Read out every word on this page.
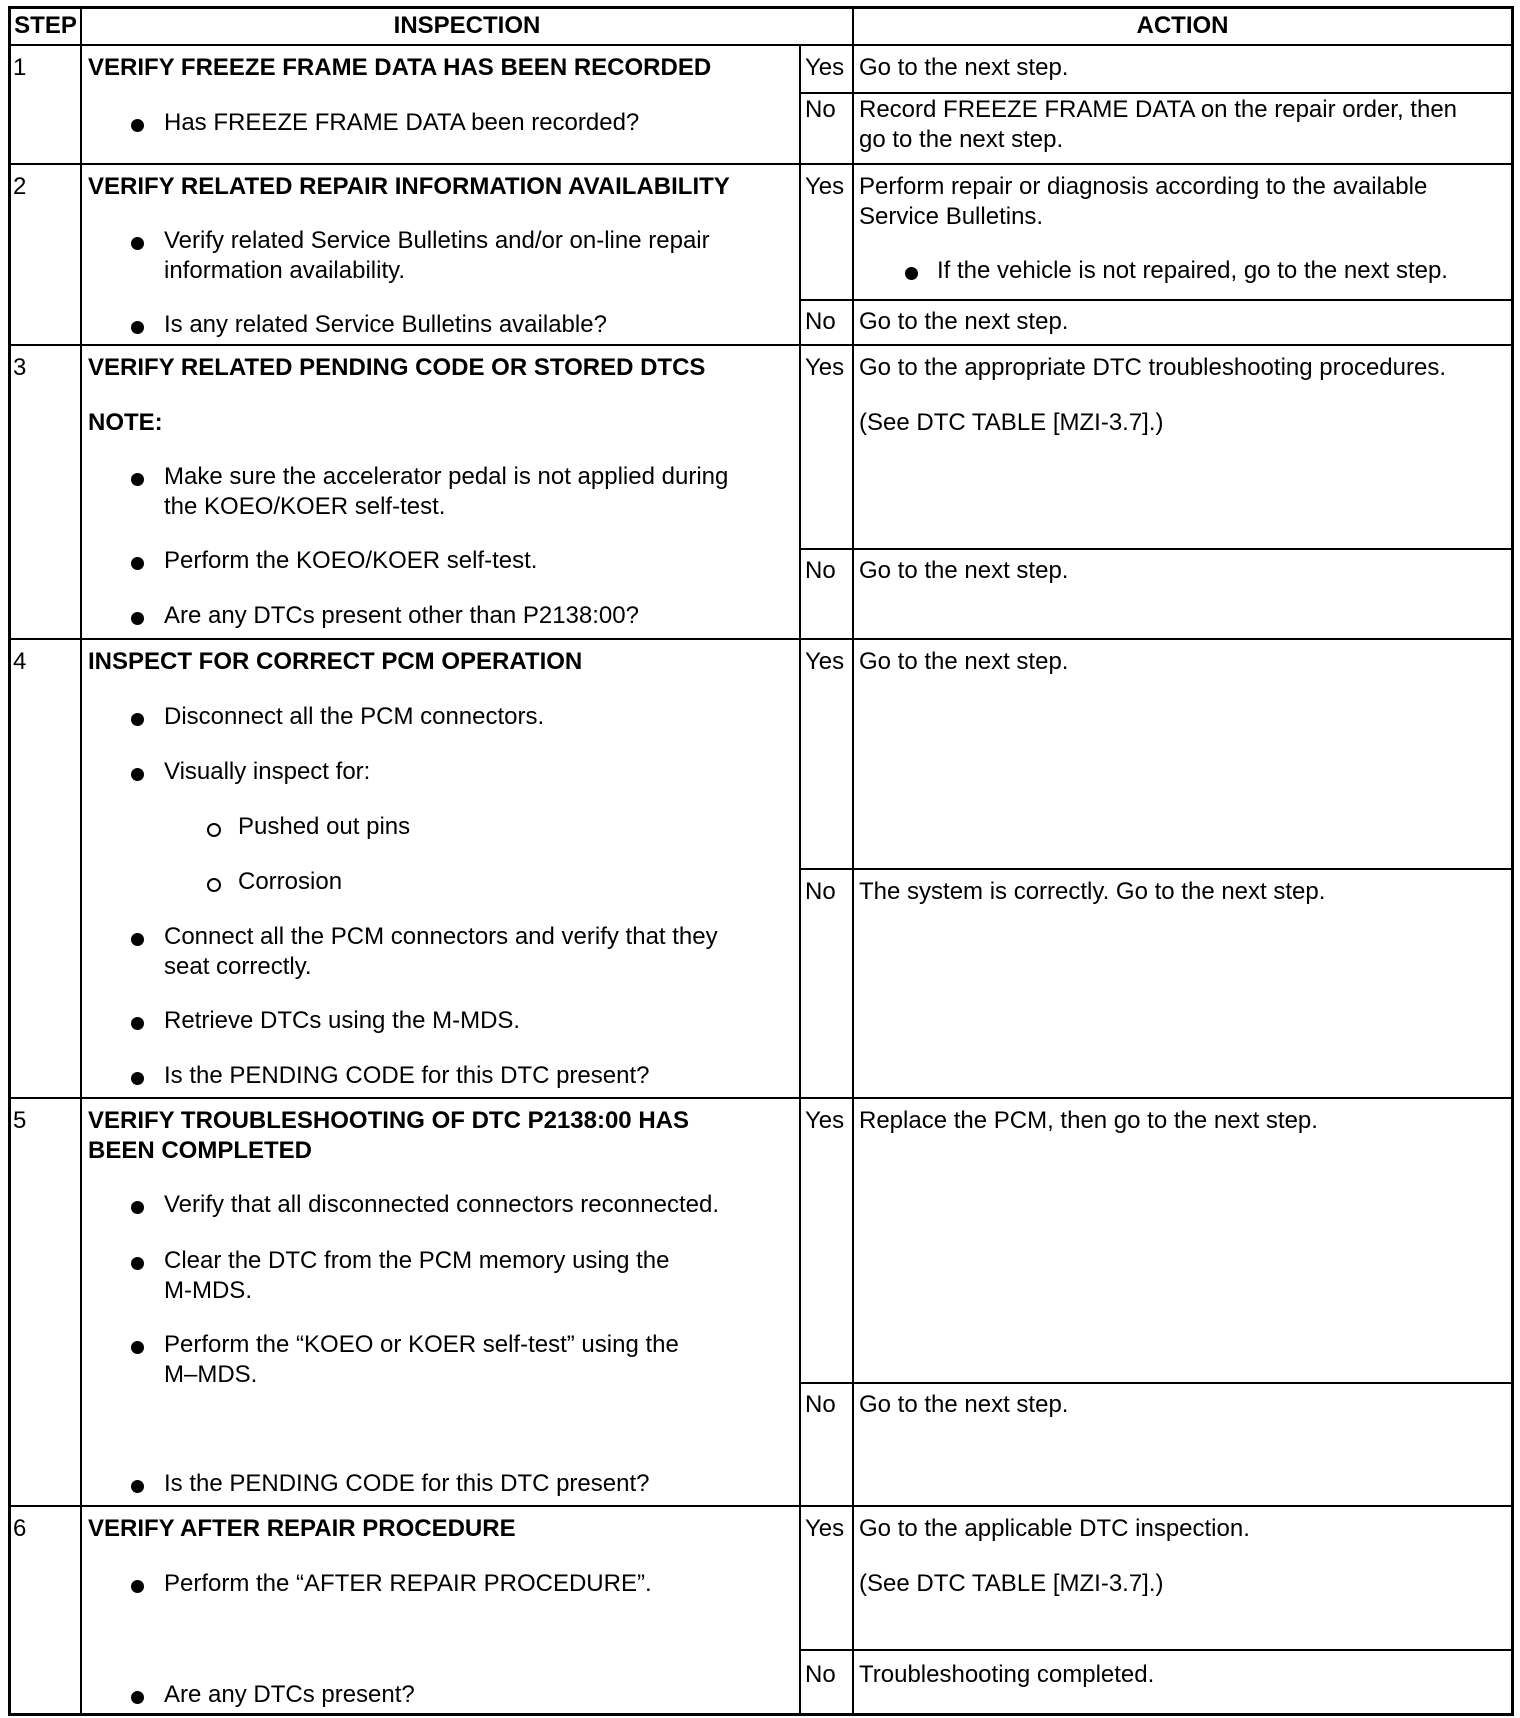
STEP	INSPECTION	ACTION
1	VERIFY FREEZE FRAME DATA HAS BEEN RECORDED
Has FREEZE FRAME DATA been recorded?
Yes Go to the next step.
No Record FREEZE FRAME DATA on the repair order, then
go to the next step.
2	VERIFY RELATED REPAIR INFORMATION AVAILABILITY
Verify related Service Bulletins and/or on-line repair
information availability.
Is any related Service Bulletins available?
Yes Perform repair or diagnosis according to the available
Service Bulletins.
If the vehicle is not repaired, go to the next step.
No Go to the next step.
3	VERIFY RELATED PENDING CODE OR STORED DTCS
NOTE:
Make sure the accelerator pedal is not applied during
the KOEO/KOER self-test.
Perform the KOEO/KOER self-test.
Are any DTCs present other than P2138:00?
Yes Go to the appropriate DTC troubleshooting procedures.
(See DTC TABLE [MZI-3.7].)
No Go to the next step.
4	INSPECT FOR CORRECT PCM OPERATION
Disconnect all the PCM connectors.
Visually inspect for:
Pushed out pins
Corrosion
Connect all the PCM connectors and verify that they
seat correctly.
Retrieve DTCs using the M-MDS.
Is the PENDING CODE for this DTC present?
Yes Go to the next step.
No The system is correctly. Go to the next step.
5	VERIFY TROUBLESHOOTING OF DTC P2138:00 HAS
BEEN COMPLETED
Verify that all disconnected connectors reconnected.
Clear the DTC from the PCM memory using the
M-MDS.
Perform the “KOEO or KOER self-test” using the
M–MDS.
Is the PENDING CODE for this DTC present?
Yes Replace the PCM, then go to the next step.
No Go to the next step.
6	VERIFY AFTER REPAIR PROCEDURE
Perform the “AFTER REPAIR PROCEDURE”.
Are any DTCs present?
Yes Go to the applicable DTC inspection.
(See DTC TABLE [MZI-3.7].)
No Troubleshooting completed.
